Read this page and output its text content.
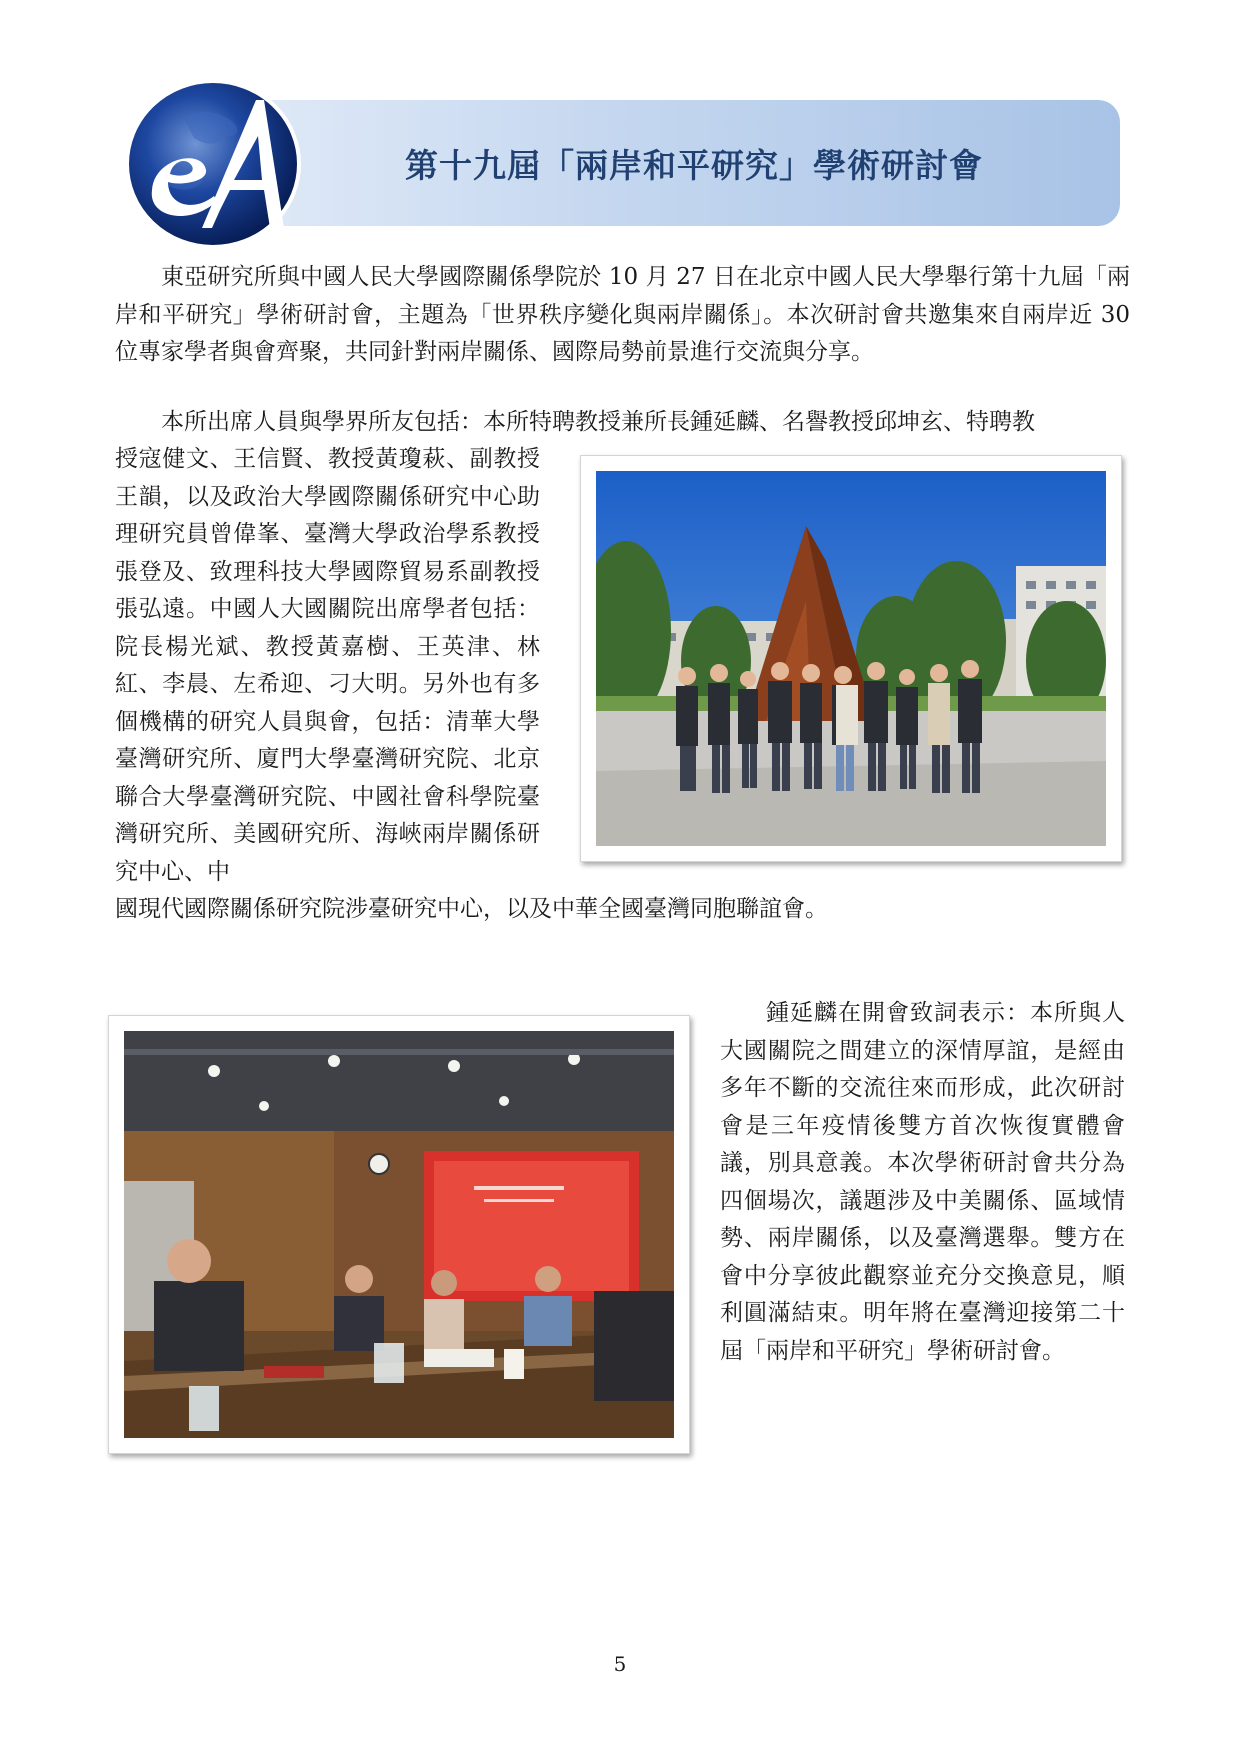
第十九屆「兩岸和平研究」學術研討會
東亞研究所與中國人民大學國際關係學院於 10 月 27 日在北京中國人民大學舉行第十九屆「兩岸和平研究」學術研討會，主題為「世界秩序變化與兩岸關係」。本次研討會共邀集來自兩岸近 30 位專家學者與會齊聚，共同針對兩岸關係、國際局勢前景進行交流與分享。
本所出席人員與學界所友包括：本所特聘教授兼所長鍾延麟、名譽教授邱坤玄、特聘教
授寇健文、王信賢、教授黃瓊萩、副教授王韻，以及政治大學國際關係研究中心助理研究員曾偉峯、臺灣大學政治學系教授張登及、致理科技大學國際貿易系副教授張弘遠。中國人大國關院出席學者包括：院長楊光斌、教授黃嘉樹、王英津、林紅、李晨、左希迎、刁大明。另外也有多個機構的研究人員與會，包括：清華大學臺灣研究所、廈門大學臺灣研究院、北京聯合大學臺灣研究院、中國社會科學院臺灣研究所、美國研究所、海峽兩岸關係研究中心、中
國現代國際關係研究院涉臺研究中心，以及中華全國臺灣同胞聯誼會。
鍾延麟在開會致詞表示：本所與人大國關院之間建立的深情厚誼，是經由多年不斷的交流往來而形成，此次研討會是三年疫情後雙方首次恢復實體會議，別具意義。本次學術研討會共分為四個場次，議題涉及中美關係、區域情勢、兩岸關係，以及臺灣選舉。雙方在會中分享彼此觀察並充分交換意見，順利圓滿結束。明年將在臺灣迎接第二十屆「兩岸和平研究」學術研討會。
5
